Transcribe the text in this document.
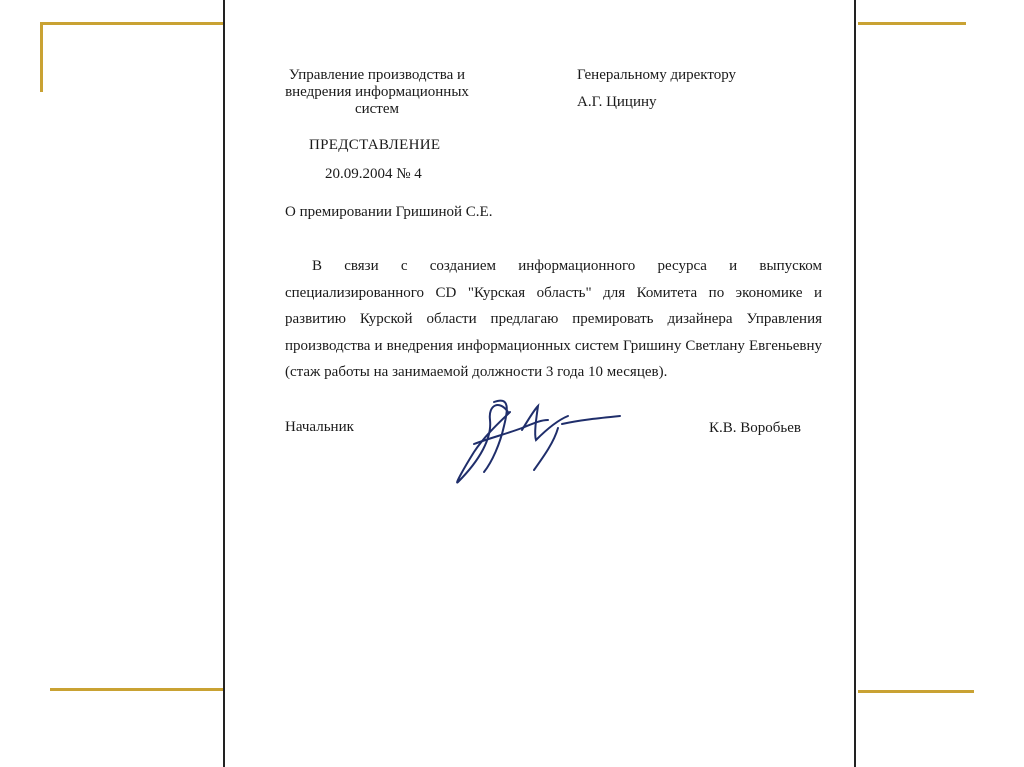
Управление производства и внедрения информационных систем
Генеральному директору
А.Г. Цицину
ПРЕДСТАВЛЕНИЕ
20.09.2004 № 4
О премировании Гришиной С.Е.
В связи с созданием информационного ресурса и выпуском специализированного CD "Курская область" для Комитета по экономике и развитию Курской области предлагаю премировать дизайнера Управления производства и внедрения информационных систем Гришину Светлану Евгеньевну (стаж работы на занимаемой должности 3 года 10 месяцев).
Начальник	К.В. Воробьев
